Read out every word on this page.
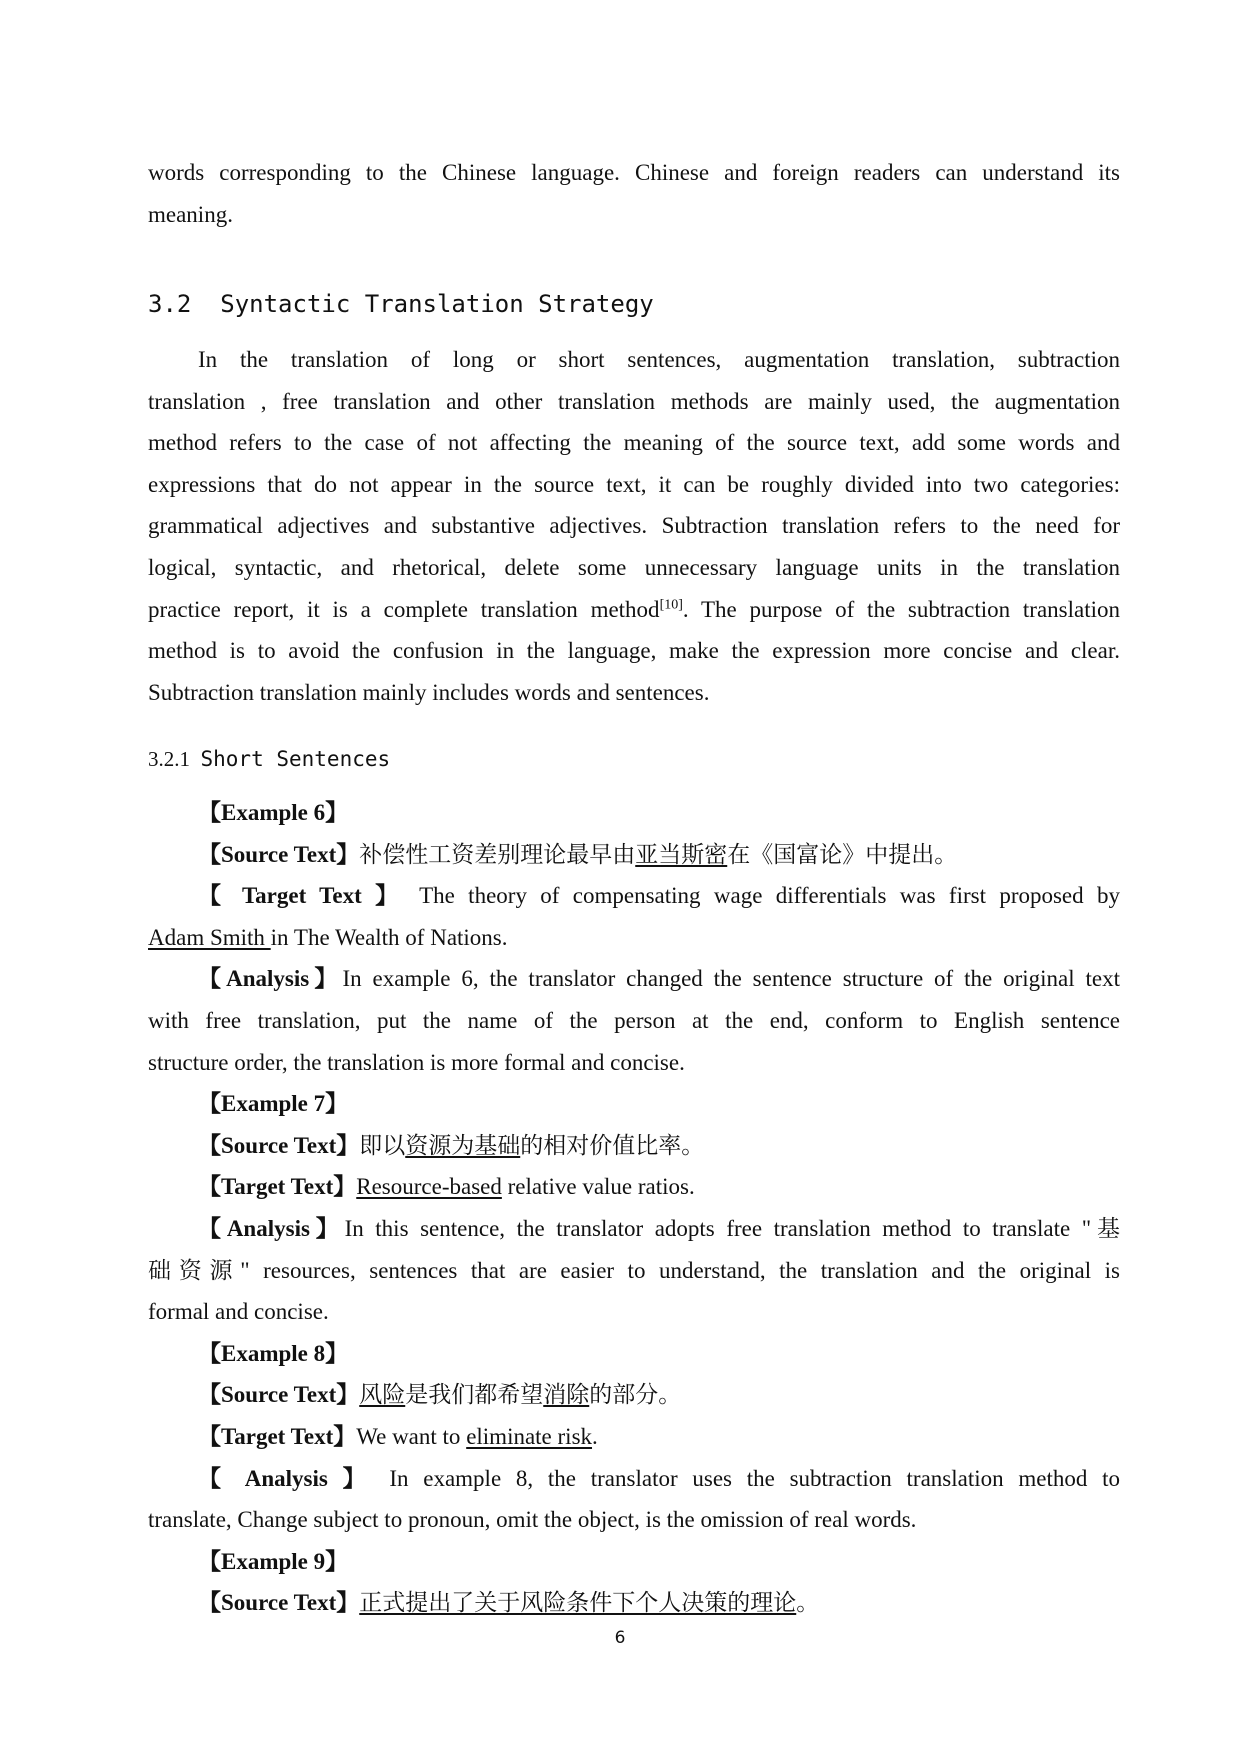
words corresponding to the Chinese language. Chinese and foreign readers can understand its
meaning.
3.2  Syntactic Translation Strategy
In the translation of long or short sentences, augmentation translation, subtraction
translation , free translation and other translation methods are mainly used, the augmentation
method refers to the case of not affecting the meaning of the source text, add some words and
expressions that do not appear in the source text, it can be roughly divided into two categories:
grammatical adjectives and substantive adjectives. Subtraction translation refers to the need for
logical, syntactic, and rhetorical, delete some unnecessary language units in the translation
practice report, it is a complete translation method[10]. The purpose of the subtraction translation
method is to avoid the confusion in the language, make the expression more concise and clear.
Subtraction translation mainly includes words and sentences.
3.2.1  Short Sentences
【Example 6】
【Source Text】补偿性工资差别理论最早由亚当斯密在《国富论》中提出。
【 Target Text 】 The theory of compensating wage differentials was first proposed by
Adam Smith in The Wealth of Nations.
【Analysis】In example 6, the translator changed the sentence structure of the original text
with free translation, put the name of the person at the end, conform to English sentence
structure order, the translation is more formal and concise.
【Example 7】
【Source Text】即以资源为基础的相对价值比率。
【Target Text】Resource-based relative value ratios.
【Analysis】In this sentence, the translator adopts free translation method to translate "基
础资源" resources, sentences that are easier to understand, the translation and the original is
formal and concise.
【Example 8】
【Source Text】风险是我们都希望消除的部分。
【Target Text】We want to eliminate risk.
【 Analysis 】 In example 8, the translator uses the subtraction translation method to
translate, Change subject to pronoun, omit the object, is the omission of real words.
【Example 9】
【Source Text】正式提出了关于风险条件下个人决策的理论。
6
